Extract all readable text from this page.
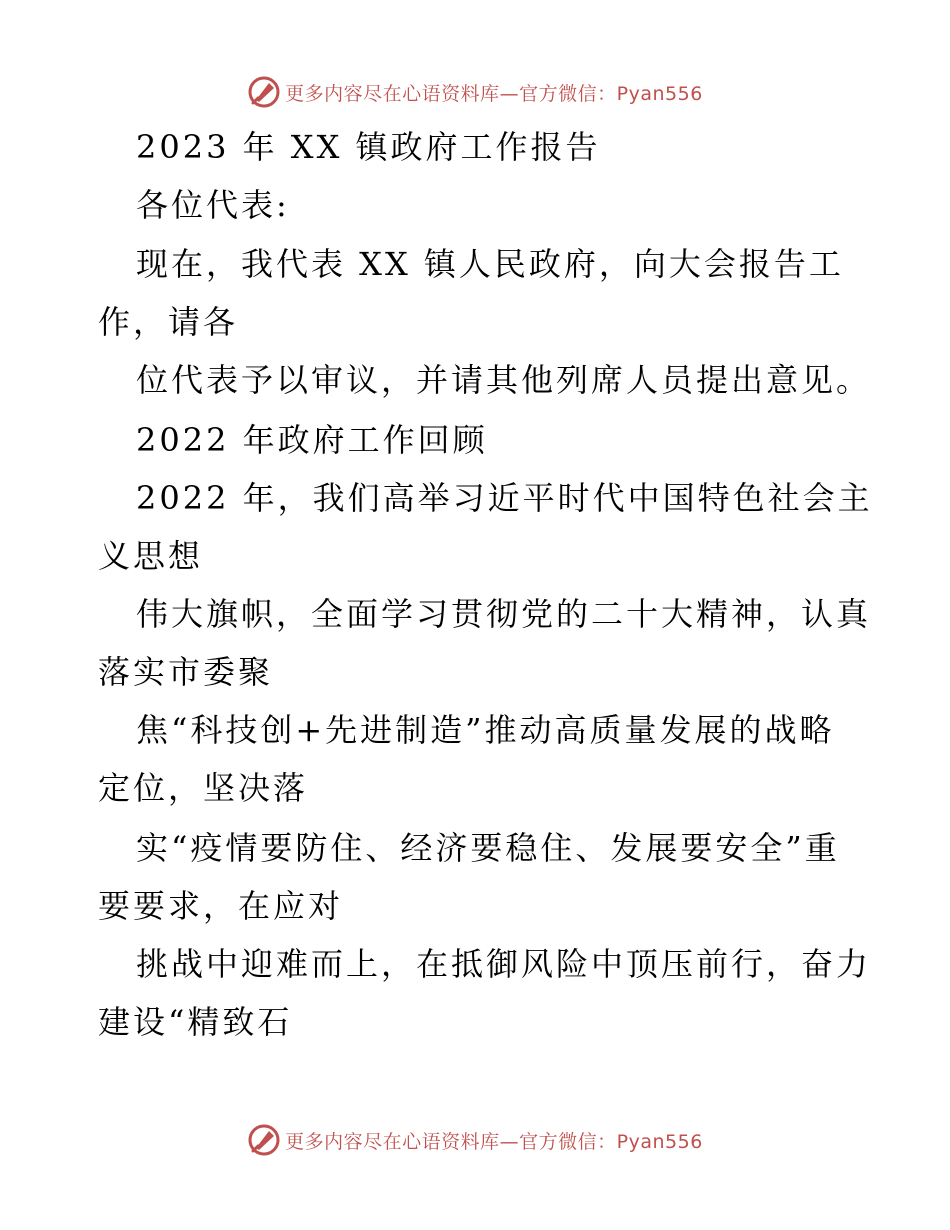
更多内容尽在心语资料库—官方微信：Pyan556
2023 年 XX 镇政府工作报告
各位代表:
现在，我代表 XX 镇人民政府，向大会报告工
作，请各
位代表予以审议，并请其他列席人员提出意见。
2022 年政府工作回顾
2022 年，我们高举习近平时代中国特色社会主
义思想
伟大旗帜，全面学习贯彻党的二十大精神，认真
落实市委聚
焦“科技创+先进制造”推动高质量发展的战略
定位，坚决落
实“疫情要防住、经济要稳住、发展要安全”重
要要求，在应对
挑战中迎难而上，在抵御风险中顶压前行，奋力
建设“精致石
更多内容尽在心语资料库—官方微信：Pyan556
